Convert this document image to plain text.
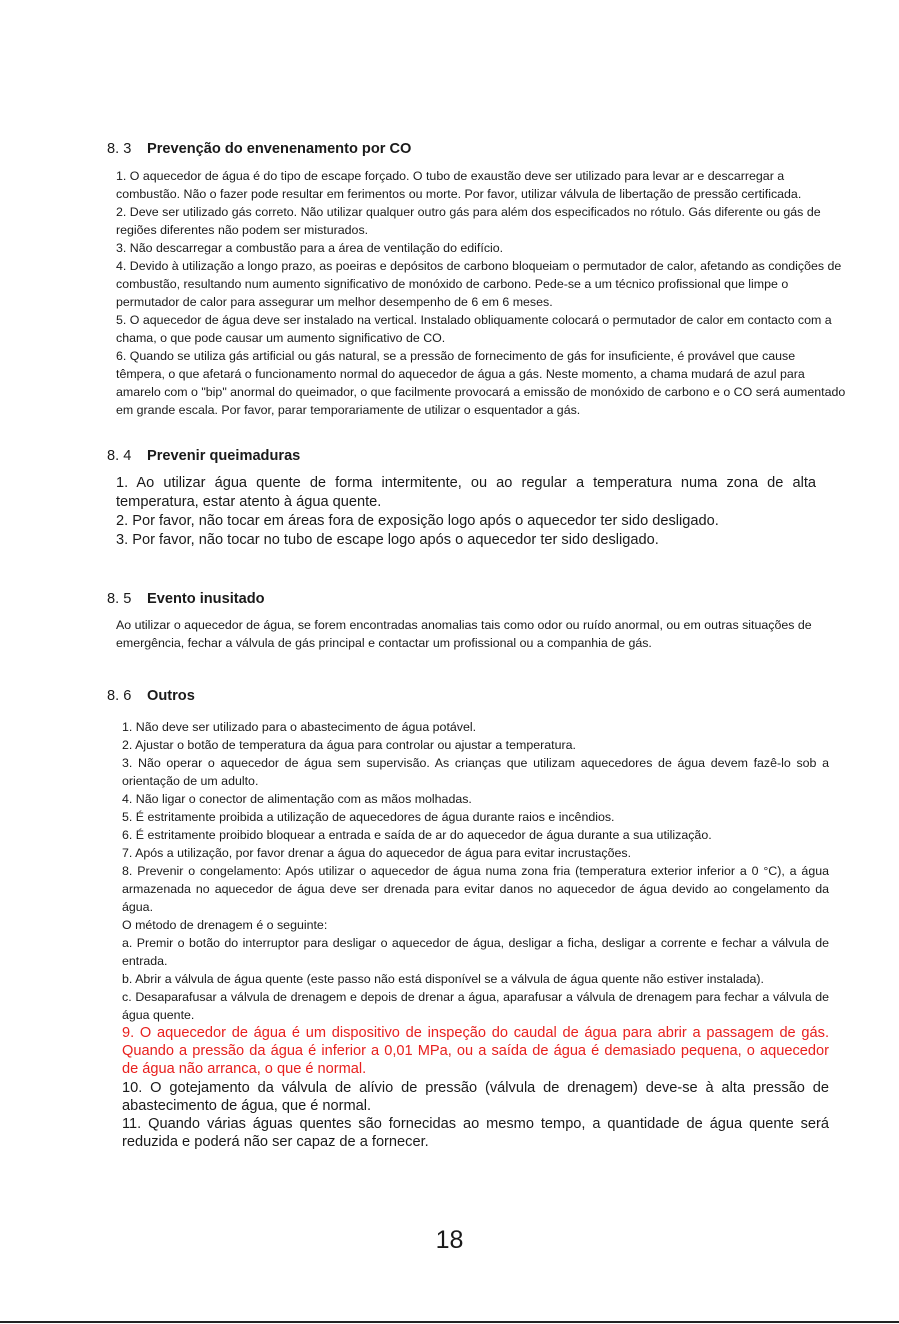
8. 3 Prevenção do envenenamento por CO

1. O aquecedor de água é do tipo de escape forçado. O tubo de exaustão deve ser utilizado para levar ar e descarregar a combustão. Não o fazer pode resultar em ferimentos ou morte. Por favor, utilizar válvula de libertação de pressão certificada.

2. Deve ser utilizado gás correto. Não utilizar qualquer outro gás para além dos especificados no rótulo. Gás diferente ou gás de regiões diferentes não podem ser misturados.

3. Não descarregar a combustão para a área de ventilação do edifício.

4. Devido à utilização a longo prazo, as poeiras e depósitos de carbono bloqueiam o permutador de calor, afetando as condições de combustão, resultando num aumento significativo de monóxido de carbono. Pede-se a um técnico profissional que limpe o permutador de calor para assegurar um melhor desempenho de 6 em 6 meses.

5. O aquecedor de água deve ser instalado na vertical. Instalado obliquamente colocará o permutador de calor em contacto com a chama, o que pode causar um aumento significativo de CO.

6. Quando se utiliza gás artificial ou gás natural, se a pressão de fornecimento de gás for insuficiente, é provável que cause têmpera, o que afetará o funcionamento normal do aquecedor de água a gás. Neste momento, a chama mudará de azul para amarelo com o "bip" anormal do queimador, o que facilmente provocará a emissão de monóxido de carbono e o CO será aumentado em grande escala. Por favor, parar temporariamente de utilizar o esquentador a gás.

8. 4 Prevenir queimaduras

1. Ao utilizar água quente de forma intermitente, ou ao regular a temperatura numa zona de alta temperatura, estar atento à água quente.

2. Por favor, não tocar em áreas fora de exposição logo após o aquecedor ter sido desligado.

3. Por favor, não tocar no tubo de escape logo após o aquecedor ter sido desligado.

8. 5 Evento inusitado

Ao utilizar o aquecedor de água, se forem encontradas anomalias tais como odor ou ruído anormal, ou em outras situações de emergência, fechar a válvula de gás principal e contactar um profissional ou a companhia de gás.

8. 6 Outros

1. Não deve ser utilizado para o abastecimento de água potável.

2. Ajustar o botão de temperatura da água para controlar ou ajustar a temperatura.

3. Não operar o aquecedor de água sem supervisão. As crianças que utilizam aquecedores de água devem fazê-lo sob a orientação de um adulto.

4. Não ligar o conector de alimentação com as mãos molhadas.

5. É estritamente proibida a utilização de aquecedores de água durante raios e incêndios.

6. É estritamente proibido bloquear a entrada e saída de ar do aquecedor de água durante a sua utilização.

7. Após a utilização, por favor drenar a água do aquecedor de água para evitar incrustações.

8. Prevenir o congelamento: Após utilizar o aquecedor de água numa zona fria (temperatura exterior inferior a 0 °C), a água armazenada no aquecedor de água deve ser drenada para evitar danos no aquecedor de água devido ao congelamento da água.

O método de drenagem é o seguinte:

a. Premir o botão do interruptor para desligar o aquecedor de água, desligar a ficha, desligar a corrente e fechar a válvula de entrada.

b. Abrir a válvula de água quente (este passo não está disponível se a válvula de água quente não estiver instalada).

c. Desaparafusar a válvula de drenagem e depois de drenar a água, aparafusar a válvula de drenagem para fechar a válvula de água quente.

9. O aquecedor de água é um dispositivo de inspeção do caudal de água para abrir a passagem de gás. Quando a pressão da água é inferior a 0,01 MPa, ou a saída de água é demasiado pequena, o aquecedor de água não arranca, o que é normal.

10. O gotejamento da válvula de alívio de pressão (válvula de drenagem) deve-se à alta pressão de abastecimento de água, que é normal.

11. Quando várias águas quentes são fornecidas ao mesmo tempo, a quantidade de água quente será reduzida e poderá não ser capaz de a fornecer.

18
